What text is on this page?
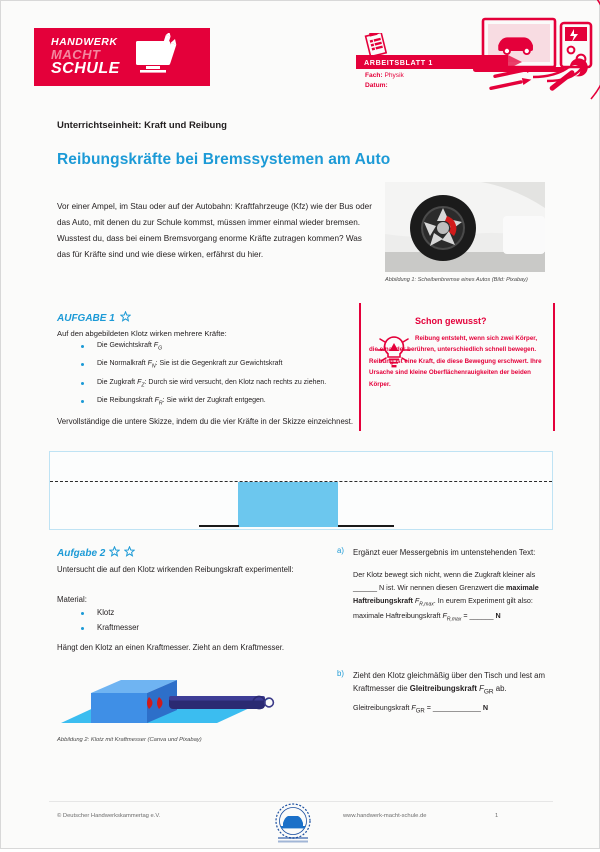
HANDWERK
MACHT
SCHULE	ARBEITSBLATT 1
Fach: Physik
Datum:
Unterrichtseinheit: Kraft und Reibung
Reibungskräfte bei Bremssystemen am Auto

Vor einer Ampel, im Stau oder auf der Autobahn: Kraftfahrzeuge (Kfz) wie der Bus oder das Auto, mit denen du zur Schule kommst, müssen immer einmal wieder bremsen. Wusstest du, dass bei einem Bremsvorgang enorme Kräfte zutragen kommen? Was das für Kräfte sind und wie diese wirken, erfährst du hier.

Abbildung 1: Scheibenbremse eines Autos (Bild: Pixabay)
AUFGABE 1
Auf den abgebildeten Klotz wirken mehrere Kräfte:
Die Gewichtskraft $F_G$
Die Normalkraft $F_N$: Sie ist die Gegenkraft zur Gewichtskraft
Die Zugkraft $F_Z$: Durch sie wird versucht, den Klotz nach rechts zu ziehen.
Die Reibungskraft $F_R$: Sie wirkt der Zugkraft entgegen.
Vervollständige die untere Skizze, indem du die vier Kräfte in der Skizze einzeichnest.
Schon gewusst?
Reibung entsteht, wenn sich zwei Körper, die einander berühren, unterschiedlich schnell bewegen. Reibung ist eine Kraft, die diese Bewegung erschwert. Ihre Ursache sind kleine Oberflächenrauigkeiten der beiden Körper.
Aufgabe 2
Untersucht die auf den Klotz wirkenden Reibungskraft experimentell:
Material:
Klotz
Kraftmesser
Hängt den Klotz an einen Kraftmesser. Zieht an dem Kraftmesser.
a)	Ergänzt euer Messergebnis im untenstehenden Text:
Der Klotz bewegt sich nicht, wenn die Zugkraft kleiner als ______ N ist. Wir nennen diesen Grenzwert die maximale Haftreibungskraft $F_{R,max}$. In eurem Experiment gilt also: maximale Haftreibungskraft $F_{R,max}$ = ______ N
b)	Zieht den Klotz gleichmäßig über den Tisch und lest am Kraftmesser die Gleitreibungskraft $F_{GR}$ ab.
Gleitreibungskraft $F_{GR}$ = ____________ N
Abbildung 2: Klotz mit Kraftmesser (Canva und Pixabay)
© Deutscher Handwerkskammertag e.V.	www.handwerk-macht-schule.de	1
